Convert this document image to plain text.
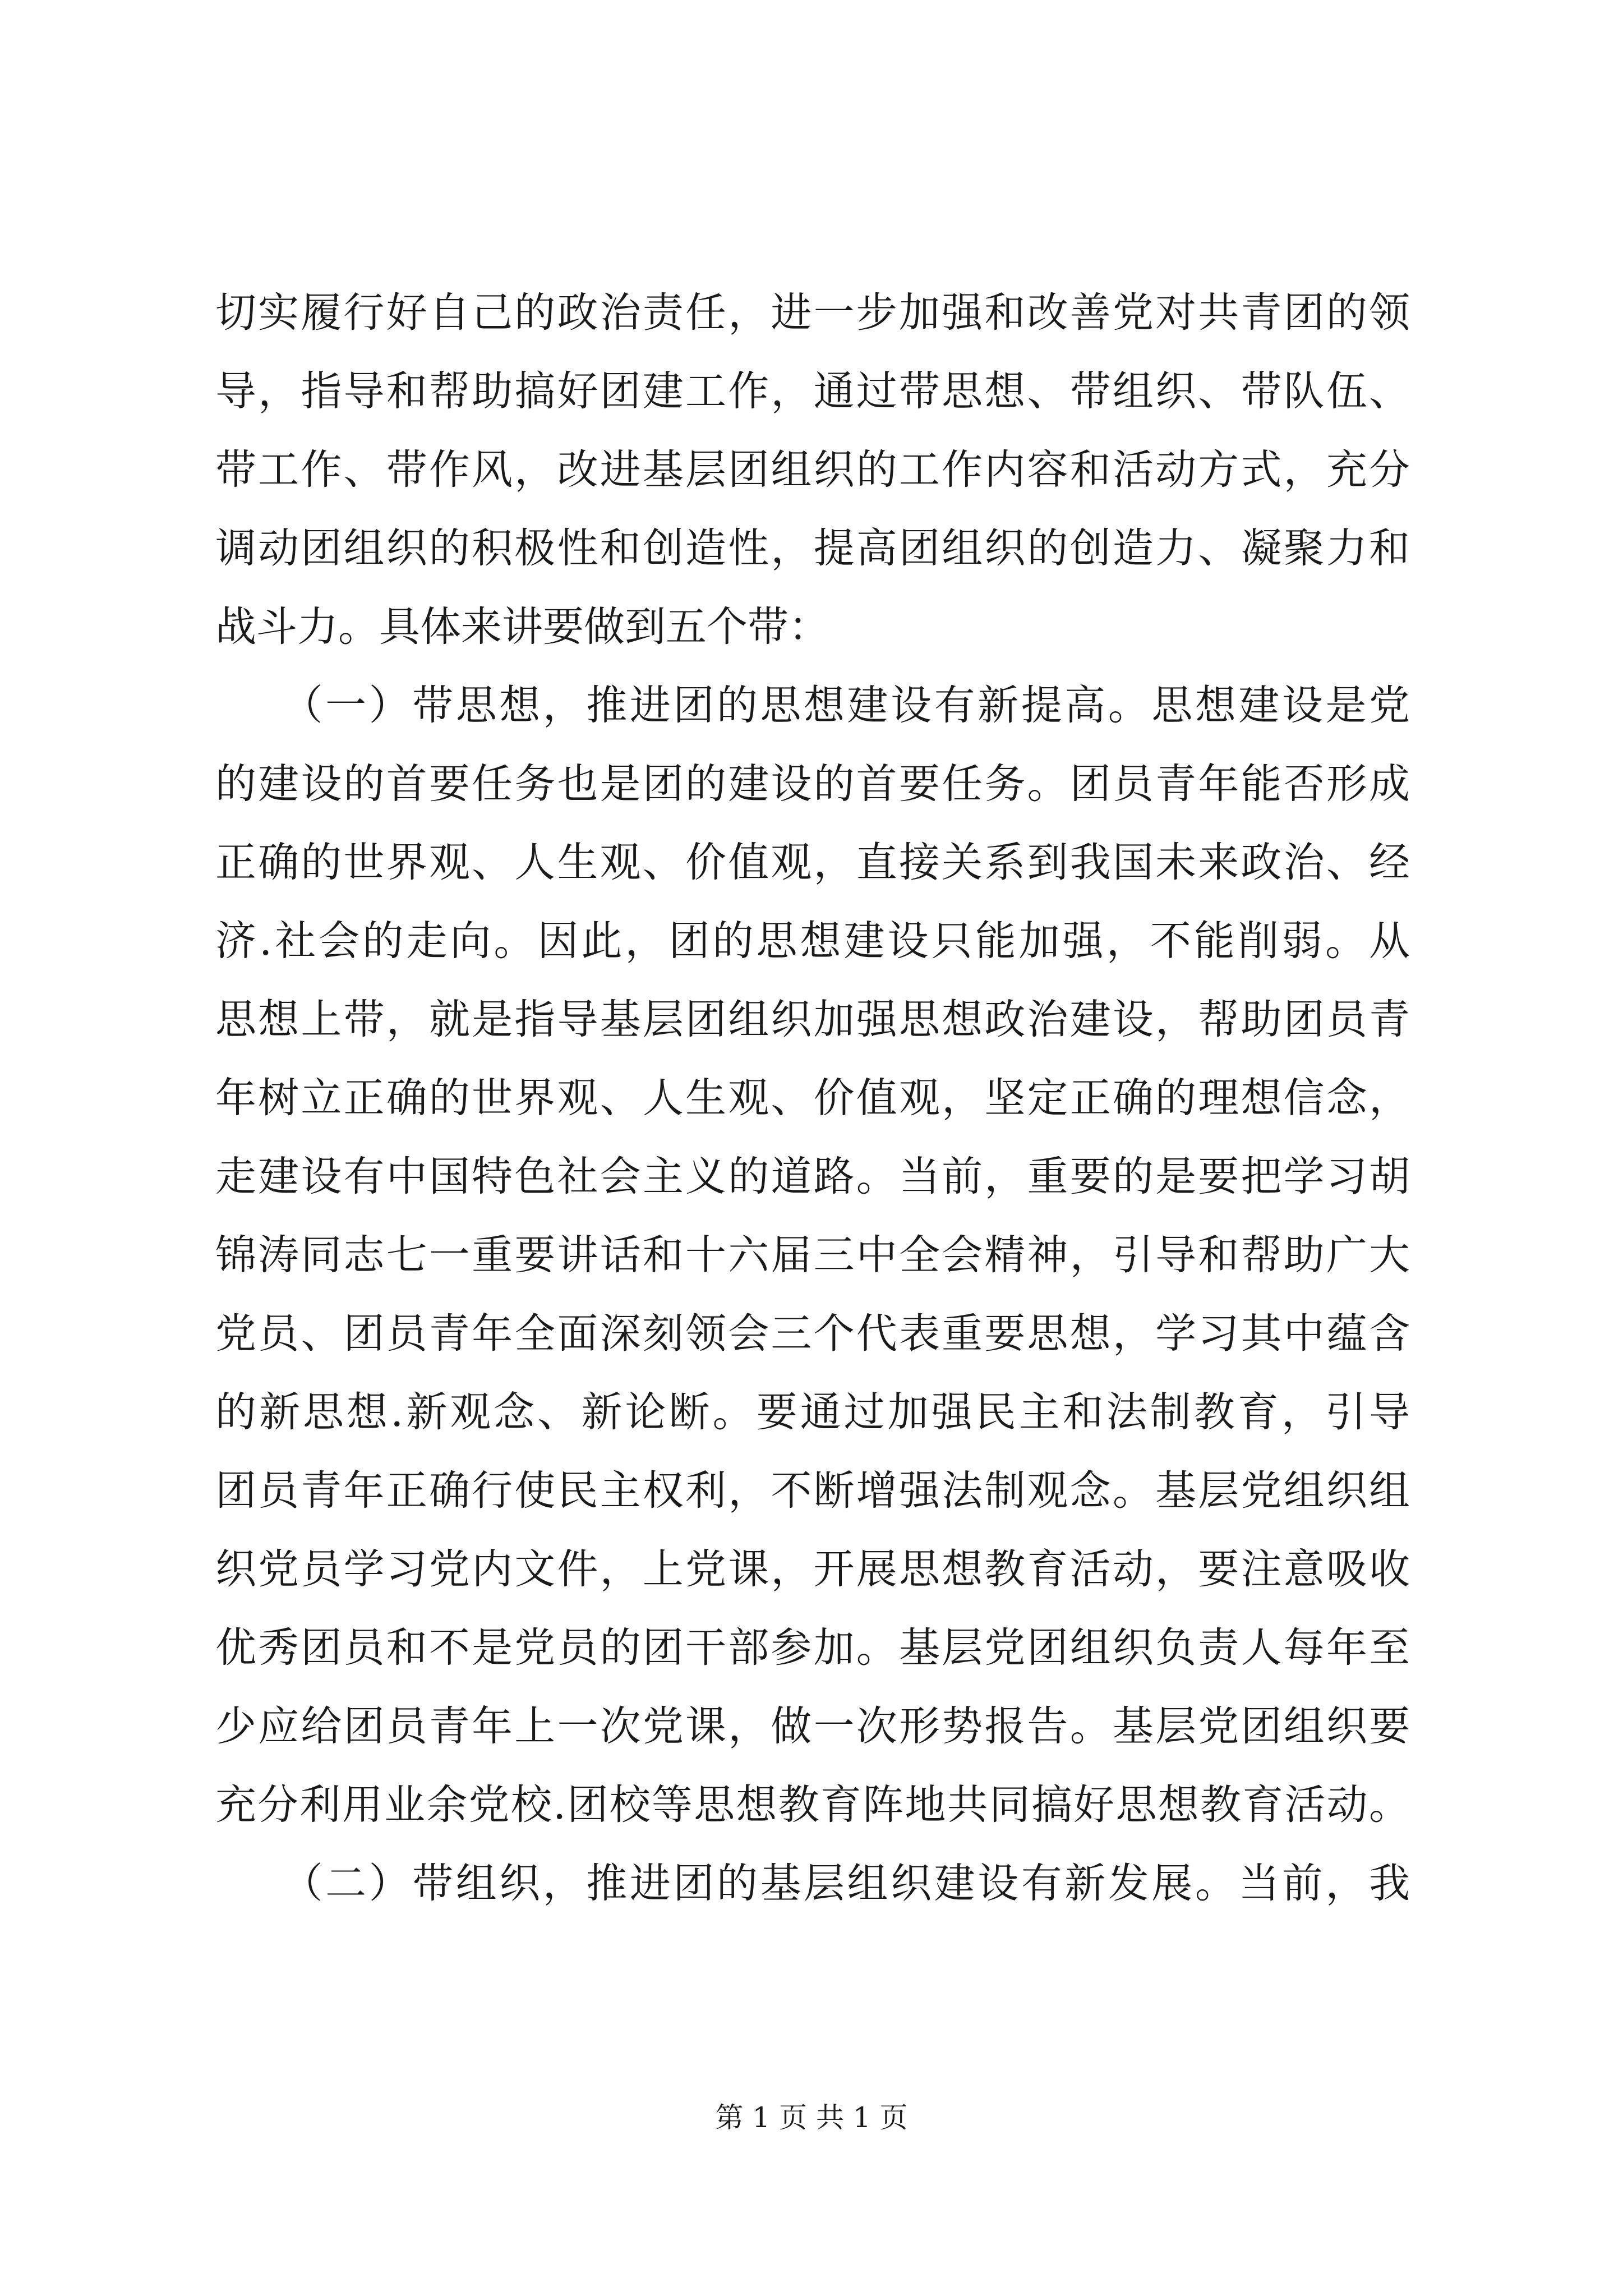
切实履行好自己的政治责任，进一步加强和改善党对共青团的领
导，指导和帮助搞好团建工作，通过带思想、带组织、带队伍、
带工作、带作风，改进基层团组织的工作内容和活动方式，充分
调动团组织的积极性和创造性，提高团组织的创造力、凝聚力和
战斗力。具体来讲要做到五个带：
　　（一）带思想，推进团的思想建设有新提高。思想建设是党
的建设的首要任务也是团的建设的首要任务。团员青年能否形成
正确的世界观、人生观、价值观，直接关系到我国未来政治、经
济.社会的走向。因此，团的思想建设只能加强，不能削弱。从
思想上带，就是指导基层团组织加强思想政治建设，帮助团员青
年树立正确的世界观、人生观、价值观，坚定正确的理想信念，
走建设有中国特色社会主义的道路。当前，重要的是要把学习胡
锦涛同志七一重要讲话和十六届三中全会精神，引导和帮助广大
党员、团员青年全面深刻领会三个代表重要思想，学习其中蕴含
的新思想.新观念、新论断。要通过加强民主和法制教育，引导
团员青年正确行使民主权利，不断增强法制观念。基层党组织组
织党员学习党内文件，上党课，开展思想教育活动，要注意吸收
优秀团员和不是党员的团干部参加。基层党团组织负责人每年至
少应给团员青年上一次党课，做一次形势报告。基层党团组织要
充分利用业余党校.团校等思想教育阵地共同搞好思想教育活动。
　　（二）带组织，推进团的基层组织建设有新发展。当前，我
第 1 页 共 1 页
